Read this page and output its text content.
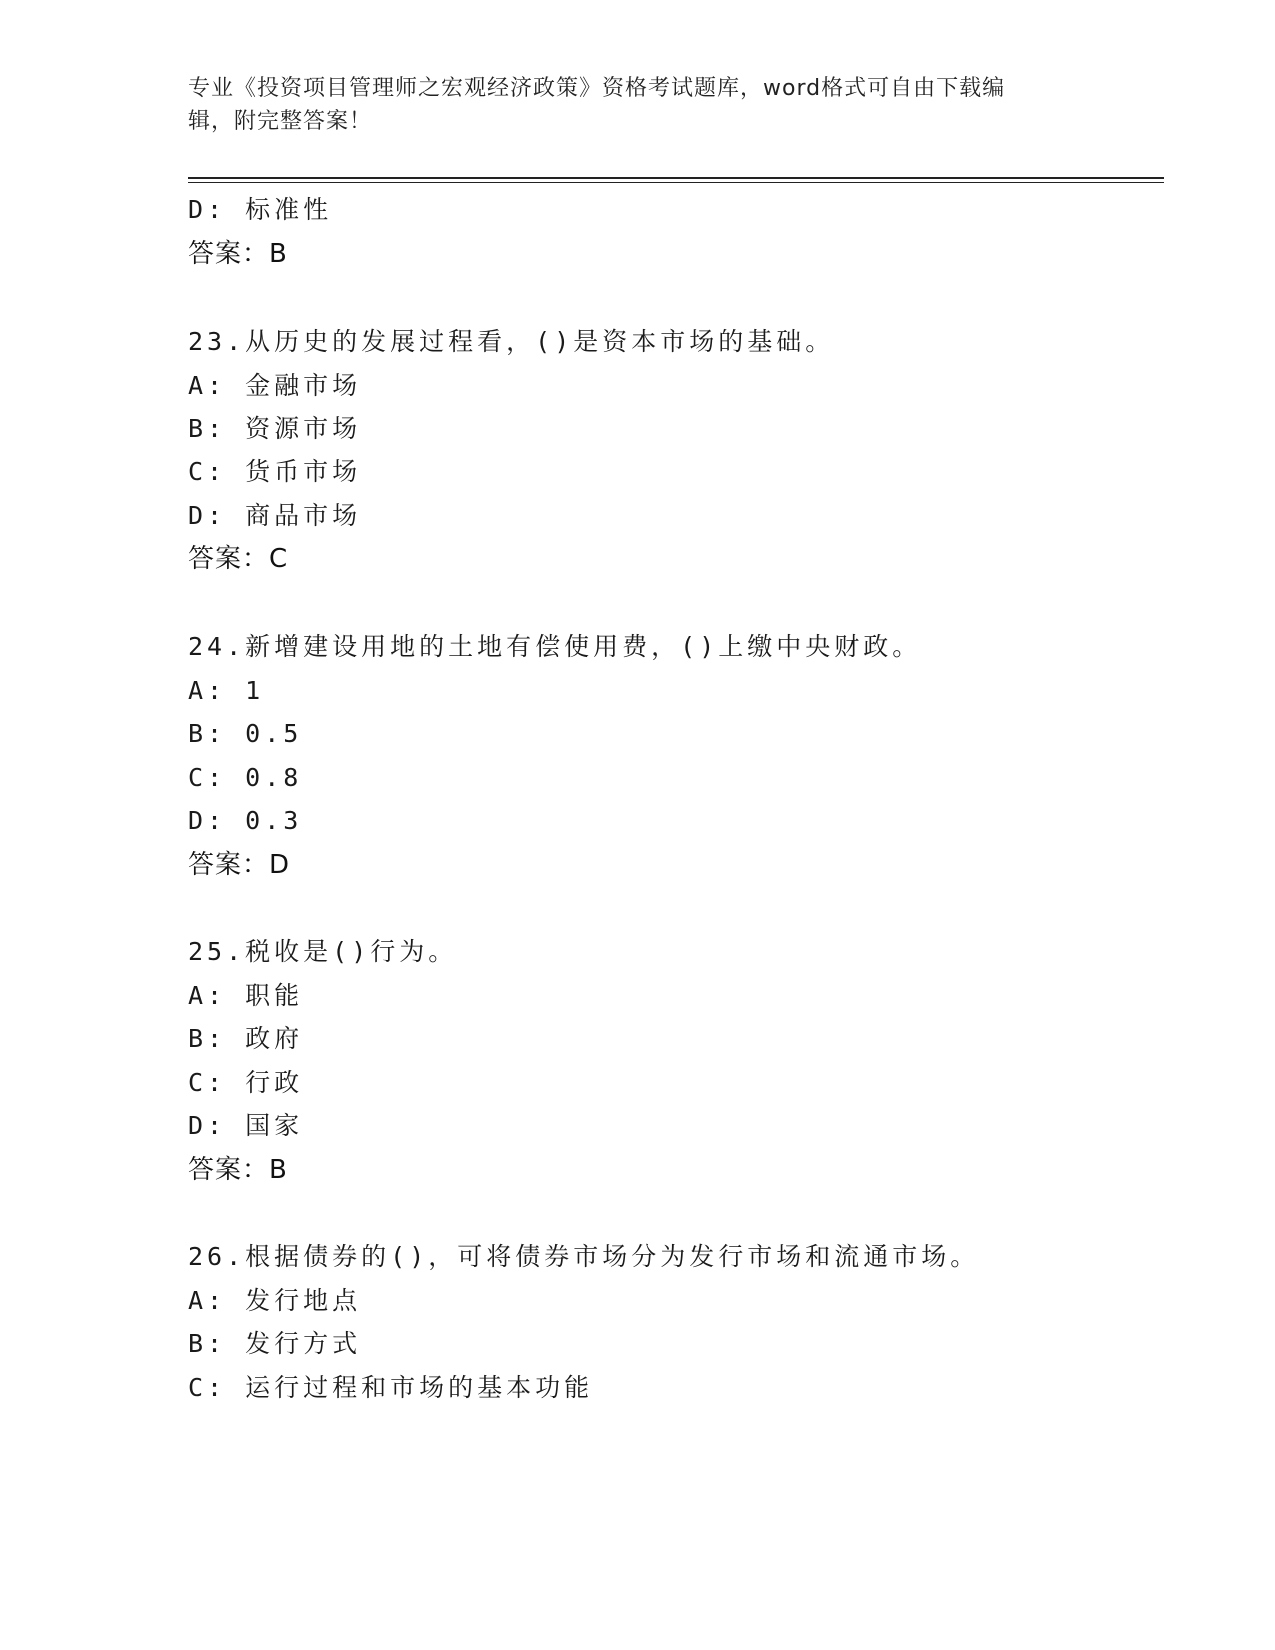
专业《投资项目管理师之宏观经济政策》资格考试题库，word格式可自由下载编
辑，附完整答案！
D: 标准性
答案：B
23.从历史的发展过程看，()是资本市场的基础。
A: 金融市场
B: 资源市场
C: 货币市场
D: 商品市场
答案：C
24.新增建设用地的土地有偿使用费，()上缴中央财政。
A: 1
B: 0.5
C: 0.8
D: 0.3
答案：D
25.税收是()行为。
A: 职能
B: 政府
C: 行政
D: 国家
答案：B
26.根据债券的()，可将债券市场分为发行市场和流通市场。
A: 发行地点
B: 发行方式
C: 运行过程和市场的基本功能
